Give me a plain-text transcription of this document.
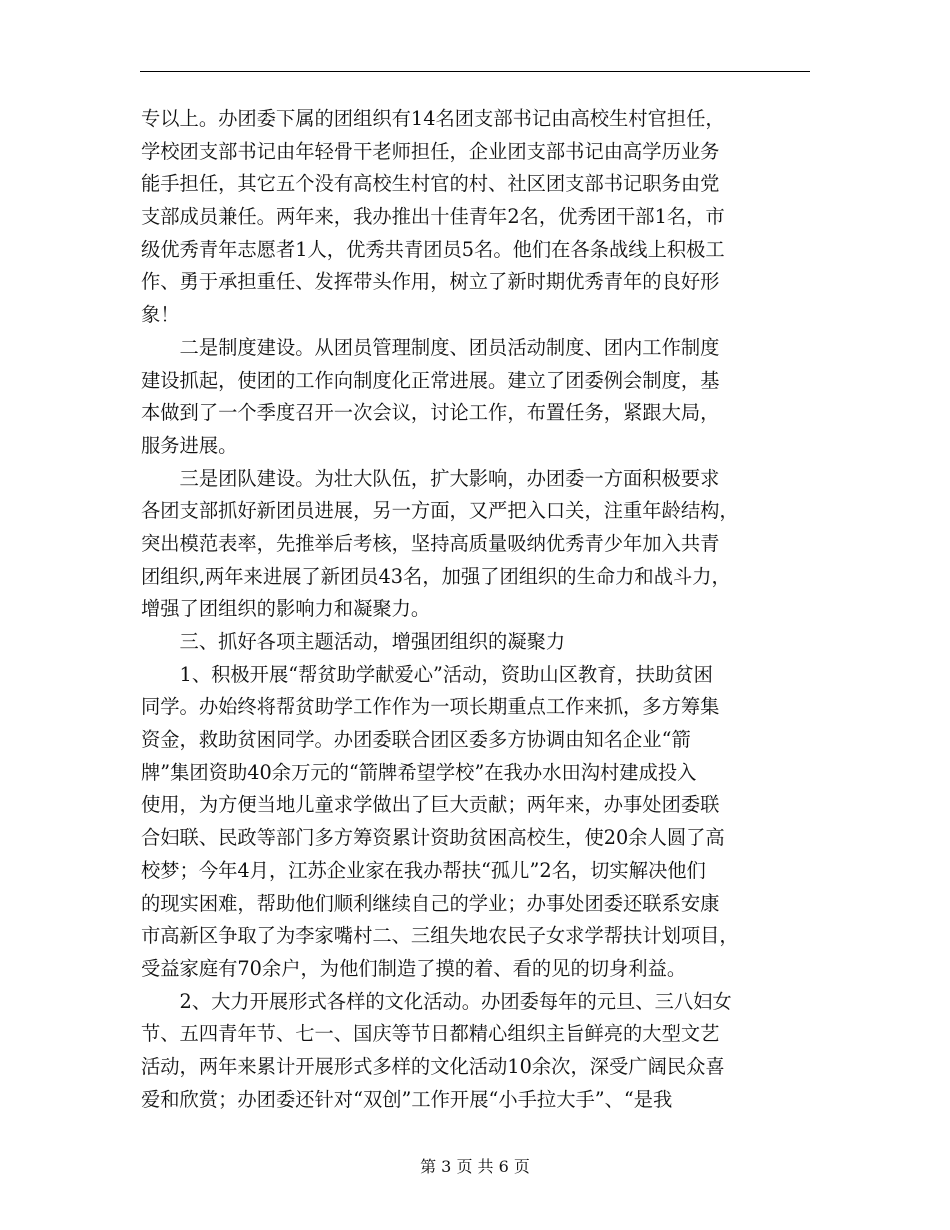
专以上。办团委下属的团组织有14名团支部书记由高校生村官担任，
学校团支部书记由年轻骨干老师担任，企业团支部书记由高学历业务
能手担任，其它五个没有高校生村官的村、社区团支部书记职务由党
支部成员兼任。两年来，我办推出十佳青年2名，优秀团干部1名，市
级优秀青年志愿者1人，优秀共青团员5名。他们在各条战线上积极工
作、勇于承担重任、发挥带头作用，树立了新时期优秀青年的良好形
象！
　　二是制度建设。从团员管理制度、团员活动制度、团内工作制度
建设抓起，使团的工作向制度化正常进展。建立了团委例会制度，基
本做到了一个季度召开一次会议，讨论工作，布置任务，紧跟大局，
服务进展。
　　三是团队建设。为壮大队伍，扩大影响，办团委一方面积极要求
各团支部抓好新团员进展，另一方面，又严把入口关，注重年龄结构，
突出模范表率，先推举后考核，坚持高质量吸纳优秀青少年加入共青
团组织,两年来进展了新团员43名，加强了团组织的生命力和战斗力，
增强了团组织的影响力和凝聚力。
　　三、抓好各项主题活动，增强团组织的凝聚力
　　1、积极开展“帮贫助学献爱心”活动，资助山区教育，扶助贫困
同学。办始终将帮贫助学工作作为一项长期重点工作来抓，多方筹集
资金，救助贫困同学。办团委联合团区委多方协调由知名企业“箭
牌”集团资助40余万元的“箭牌希望学校”在我办水田沟村建成投入
使用，为方便当地儿童求学做出了巨大贡献；两年来，办事处团委联
合妇联、民政等部门多方筹资累计资助贫困高校生，使20余人圆了高
校梦；今年4月，江苏企业家在我办帮扶“孤儿”2名，切实解决他们
的现实困难，帮助他们顺利继续自己的学业；办事处团委还联系安康
市高新区争取了为李家嘴村二、三组失地农民子女求学帮扶计划项目，
受益家庭有70余户，为他们制造了摸的着、看的见的切身利益。
　　2、大力开展形式各样的文化活动。办团委每年的元旦、三八妇女
节、五四青年节、七一、国庆等节日都精心组织主旨鲜亮的大型文艺
活动，两年来累计开展形式多样的文化活动10余次，深受广阔民众喜
爱和欣赏；办团委还针对“双创”工作开展“小手拉大手”、“是我
第 3 页 共 6 页
